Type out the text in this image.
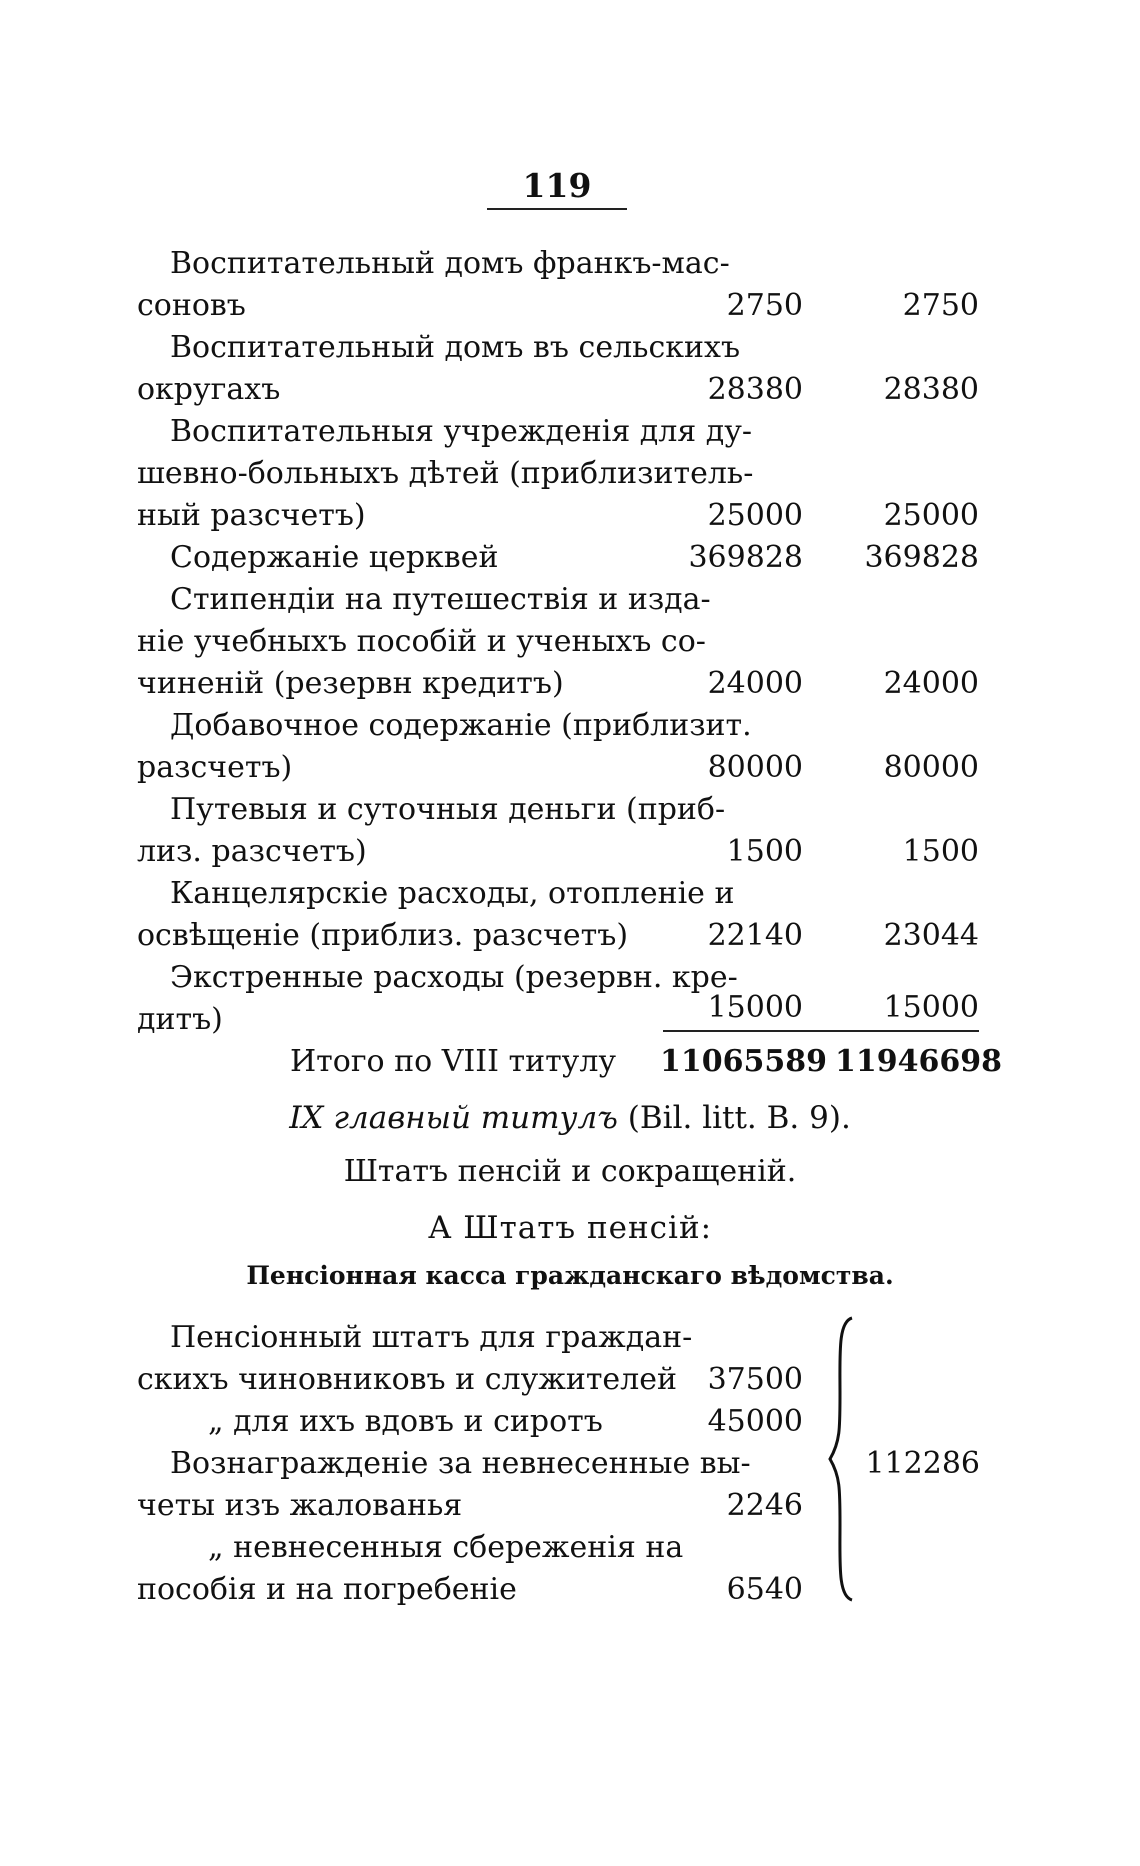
119
Воспитательный домъ франкъ-мас-
соновъ	2750	2750
Воспитательный домъ въ сельскихъ
округахъ	28380	28380
Воспитательныя учрежденія для ду-
шевно-больныхъ дѣтей (приблизитель-
ный разсчетъ)	25000	25000
Содержаніе церквей	369828	369828
Стипендіи на путешествія и изда-
ніе учебныхъ пособій и ученыхъ со-
чиненій (резервн кредитъ)	24000	24000
Добавочное содержаніе (приблизит.
разсчетъ)	80000	80000
Путевыя и суточныя деньги (приб-
лиз. разсчетъ)	1500	1500
Канцелярскіе расходы, отопленіе и
освѣщеніе (приблиз. разсчетъ)	22140	23044
Экстренные расходы (резервн. кре-
дитъ)	15000	15000
Итого по VIII титулу	11065589 11946698
IX главный титулъ (Bil. litt. B. 9).
Штатъ пенсій и сокращеній.
А Штатъ пенсій:
Пенсіонная касса гражданскаго вѣдомства.
Пенсіонный штатъ для граждан-
скихъ чиновниковъ и служителей	37500
„ для ихъ вдовъ и сиротъ	45000
Вознагражденіе за невнесенные вы-
четы изъ жалованья	2246
„ невнесенныя сбереженія на
пособія и на погребеніе	6540
112286
